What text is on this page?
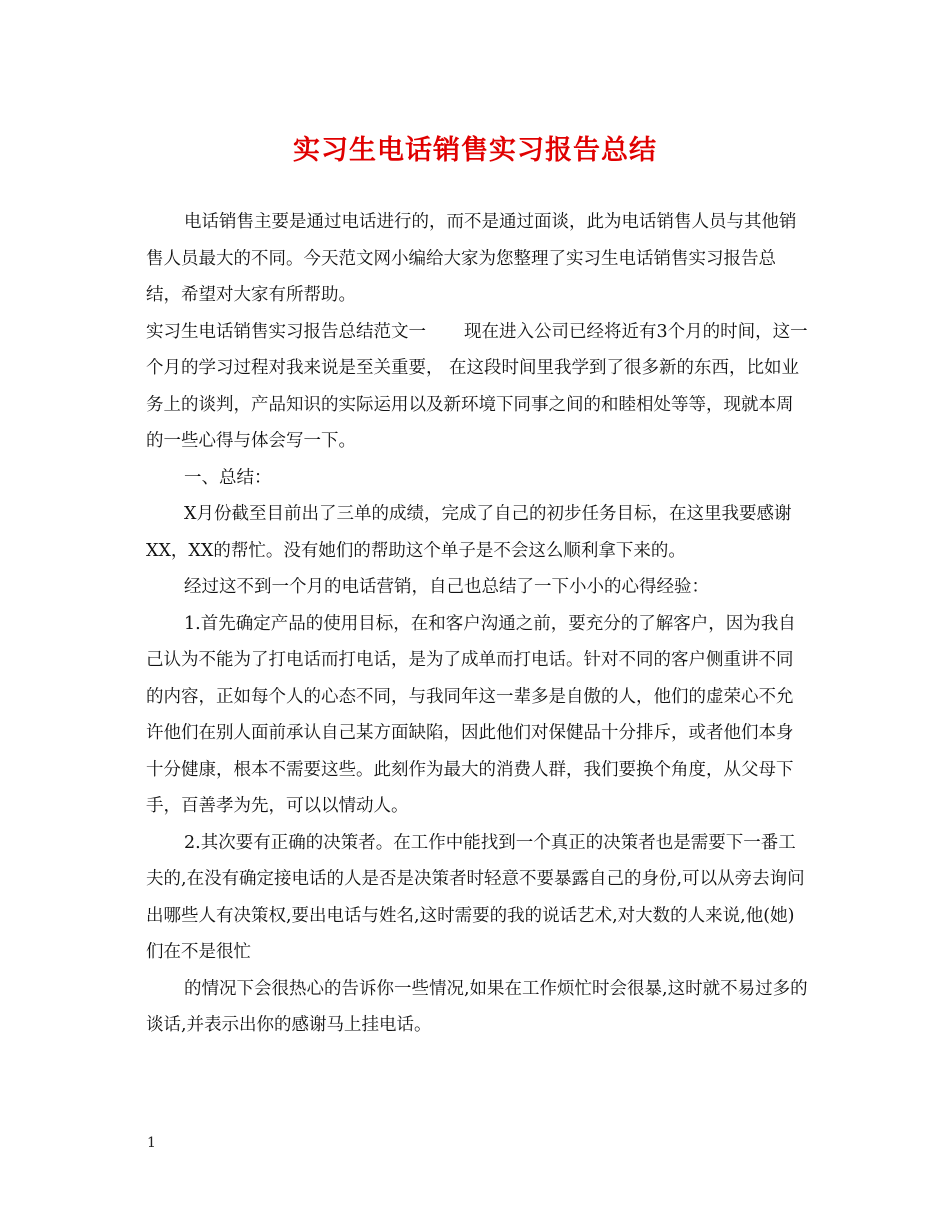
实习生电话销售实习报告总结

电话销售主要是通过电话进行的，而不是通过面谈，此为电话销售人员与其他销售人员最大的不同。今天范文网小编给大家为您整理了实习生电话销售实习报告总结，希望对大家有所帮助。

实习生电话销售实习报告总结范文一 现在进入公司已经将近有3个月的时间，这一个月的学习过程对我来说是至关重要， 在这段时间里我学到了很多新的东西，比如业务上的谈判，产品知识的实际运用以及新环境下同事之间的和睦相处等等，现就本周的一些心得与体会写一下。

一、总结：

X月份截至目前出了三单的成绩，完成了自己的初步任务目标，在这里我要感谢XX，XX的帮忙。没有她们的帮助这个单子是不会这么顺利拿下来的。

经过这不到一个月的电话营销，自己也总结了一下小小的心得经验：

1.首先确定产品的使用目标，在和客户沟通之前，要充分的了解客户，因为我自己认为不能为了打电话而打电话，是为了成单而打电话。针对不同的客户侧重讲不同的内容，正如每个人的心态不同，与我同年这一辈多是自傲的人，他们的虚荣心不允许他们在别人面前承认自己某方面缺陷，因此他们对保健品十分排斥，或者他们本身十分健康，根本不需要这些。此刻作为最大的消费人群，我们要换个角度，从父母下手，百善孝为先，可以以情动人。

2.其次要有正确的决策者。在工作中能找到一个真正的决策者也是需要下一番工夫的,在没有确定接电话的人是否是决策者时轻意不要暴露自己的身份,可以从旁去询问出哪些人有决策权,要出电话与姓名,这时需要的我的说话艺术,对大数的人来说,他(她)们在不是很忙

的情况下会很热心的告诉你一些情况,如果在工作烦忙时会很暴,这时就不易过多的谈话,并表示出你的感谢马上挂电话。

1
